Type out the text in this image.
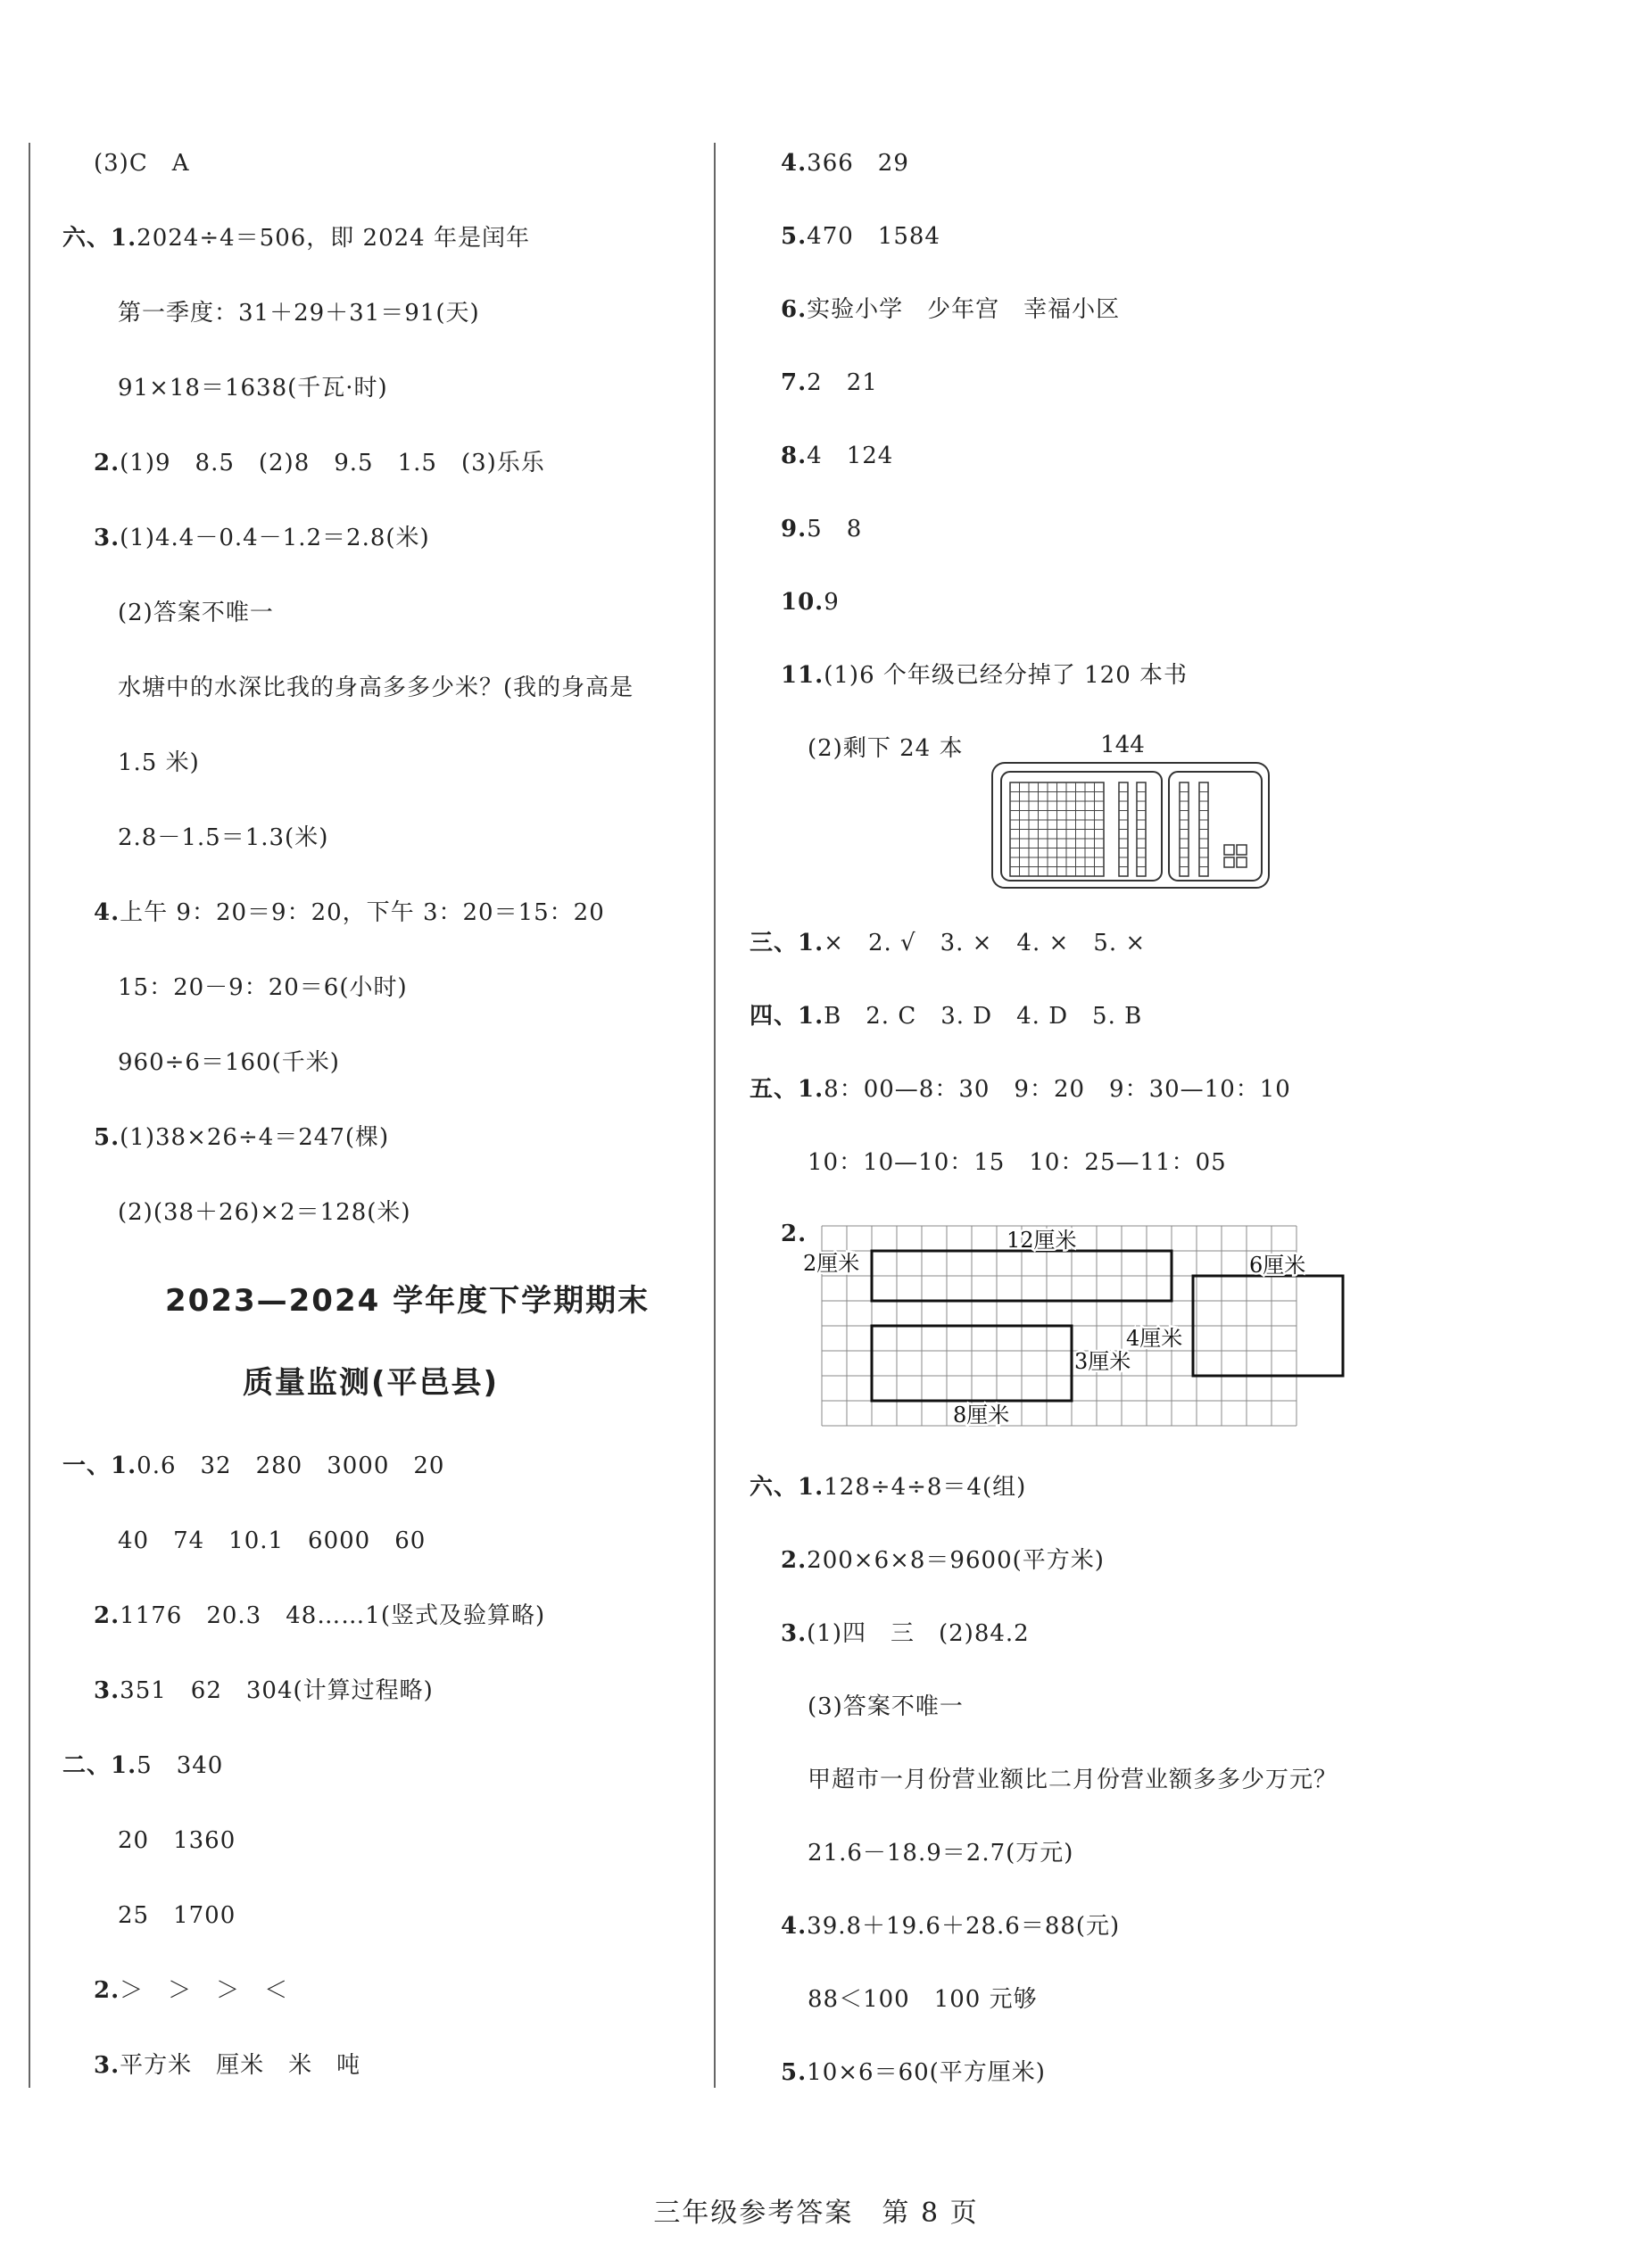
(3)C　A
六、1.2024÷4＝506，即 2024 年是闰年
第一季度：31＋29＋31＝91(天)
91×18＝1638(千瓦·时)
2.(1)9　8.5　(2)8　9.5　1.5　(3)乐乐
3.(1)4.4－0.4－1.2＝2.8(米)
(2)答案不唯一
水塘中的水深比我的身高多多少米？(我的身高是
1.5 米)
2.8－1.5＝1.3(米)
4.上午 9：20＝9：20，下午 3：20＝15：20
15：20－9：20＝6(小时)
960÷6＝160(千米)
5.(1)38×26÷4＝247(棵)
(2)(38＋26)×2＝128(米)
2023—2024 学年度下学期期末
质量监测(平邑县)
一、1.0.6　32　280　3000　20
40　74　10.1　6000　60
2.1176　20.3　48……1(竖式及验算略)
3.351　62　304(计算过程略)
二、1.5　340
20　1360
25　1700
2.＞　＞　＞　＜
3.平方米　厘米　米　吨
4.366　29
5.470　1584
6.实验小学　少年宫　幸福小区
7.2　21
8.4　124
9.5　8
10.9
11.(1)6 个年级已经分掉了 120 本书
(2)剩下 24 本	144
三、1.×　2. √　3. ×　4. ×　5. ×
四、1.B　2. C　3. D　4. D　5. B
五、1.8：00—8：30　9：20　9：30—10：10
10：10—10：15　10：25—11：05
2.	12厘米
2厘米	6厘米
4厘米
3厘米
8厘米
六、1.128÷4÷8＝4(组)
2.200×6×8＝9600(平方米)
3.(1)四　三　(2)84.2
(3)答案不唯一
甲超市一月份营业额比二月份营业额多多少万元？
21.6－18.9＝2.7(万元)
4.39.8＋19.6＋28.6＝88(元)
88＜100　100 元够
5.10×6＝60(平方厘米)
三年级参考答案　第 8 页
